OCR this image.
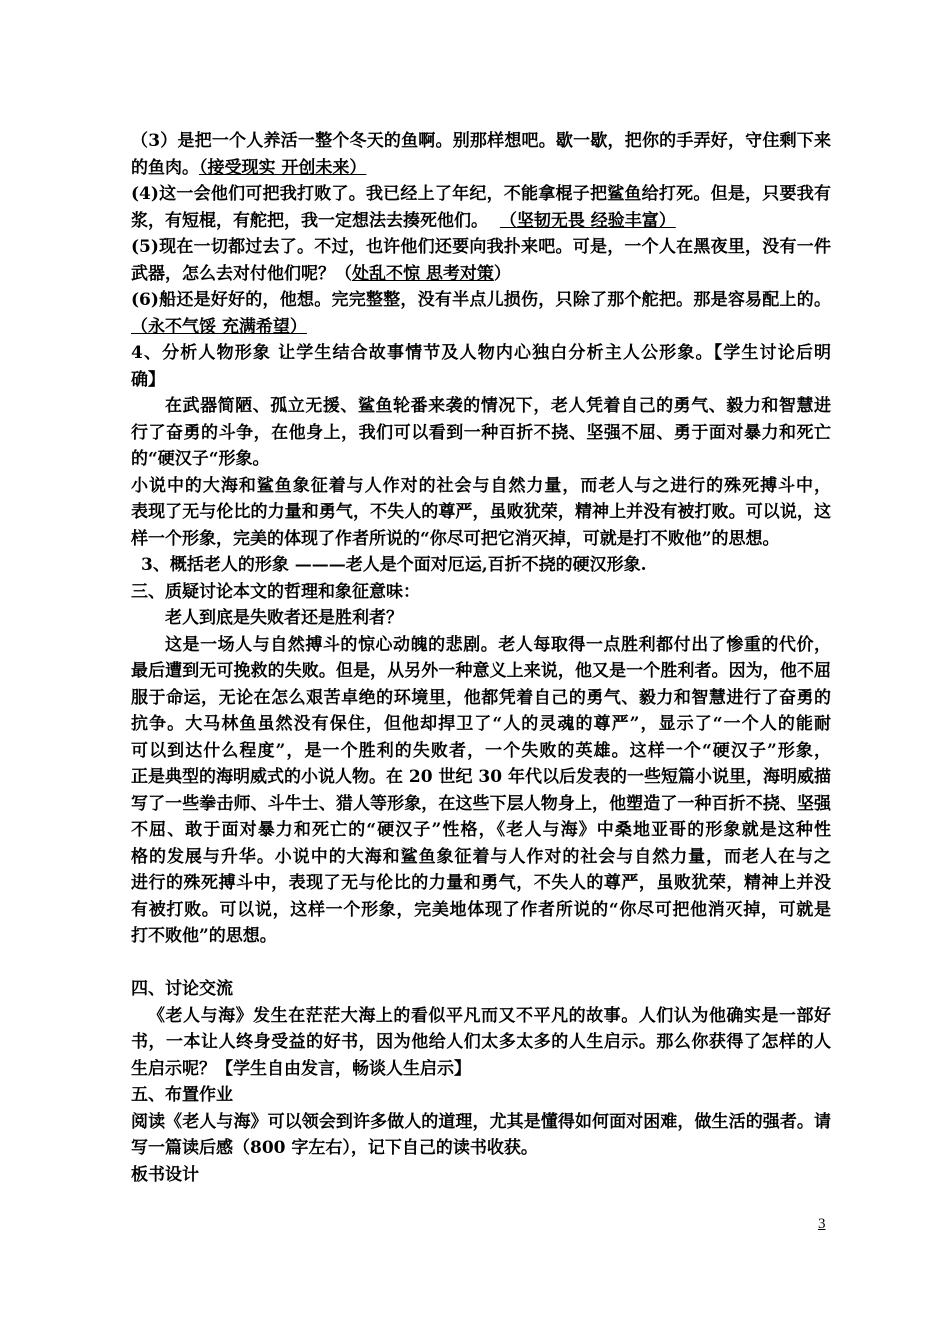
（3）是把一个人养活一整个冬天的鱼啊。别那样想吧。歇一歇，把你的手弄好，守住剩下来
的鱼肉。（接受现实 开创未来）
(4)这一会他们可把我打败了。我已经上了年纪，不能拿棍子把鲨鱼给打死。但是，只要我有
浆，有短棍，有舵把，我一定想法去揍死他们。  （坚韧无畏 经验丰富）
(5)现在一切都过去了。不过，也许他们还要向我扑来吧。可是，一个人在黑夜里，没有一件
武器，怎么去对付他们呢？（处乱不惊 思考对策）
(6)船还是好好的，他想。完完整整，没有半点儿损伤，只除了那个舵把。那是容易配上的。
（永不气馁 充满希望）
4、分析人物形象 让学生结合故事情节及人物内心独白分析主人公形象。【学生讨论后明
确】
在武器简陋、孤立无援、鲨鱼轮番来袭的情况下，老人凭着自己的勇气、毅力和智慧进
行了奋勇的斗争，在他身上，我们可以看到一种百折不挠、坚强不屈、勇于面对暴力和死亡
的“硬汉子“形象。
小说中的大海和鲨鱼象征着与人作对的社会与自然力量，而老人与之进行的殊死搏斗中，
表现了无与伦比的力量和勇气，不失人的尊严，虽败犹荣，精神上并没有被打败。可以说，这
样一个形象，完美的体现了作者所说的“你尽可把它消灭掉，可就是打不败他”的思想。
3、概括老人的形象 ———老人是个面对厄运,百折不挠的硬汉形象.
三、质疑讨论本文的哲理和象征意味：
老人到底是失败者还是胜利者？
这是一场人与自然搏斗的惊心动魄的悲剧。老人每取得一点胜利都付出了惨重的代价，
最后遭到无可挽救的失败。但是，从另外一种意义上来说，他又是一个胜利者。因为，他不屈
服于命运，无论在怎么艰苦卓绝的环境里，他都凭着自己的勇气、毅力和智慧进行了奋勇的
抗争。大马林鱼虽然没有保住，但他却捍卫了“人的灵魂的尊严”，显示了“一个人的能耐
可以到达什么程度”，是一个胜利的失败者，一个失败的英雄。这样一个“硬汉子”形象，
正是典型的海明威式的小说人物。在 20 世纪 30 年代以后发表的一些短篇小说里，海明威描
写了一些拳击师、斗牛士、猎人等形象，在这些下层人物身上，他塑造了一种百折不挠、坚强
不屈、敢于面对暴力和死亡的“硬汉子”性格，《老人与海》中桑地亚哥的形象就是这种性
格的发展与升华。小说中的大海和鲨鱼象征着与人作对的社会与自然力量，而老人在与之
进行的殊死搏斗中，表现了无与伦比的力量和勇气，不失人的尊严，虽败犹荣，精神上并没
有被打败。可以说，这样一个形象，完美地体现了作者所说的“你尽可把他消灭掉，可就是
打不败他”的思想。
四、讨论交流
《老人与海》发生在茫茫大海上的看似平凡而又不平凡的故事。人们认为他确实是一部好
书，一本让人终身受益的好书，因为他给人们太多太多的人生启示。那么你获得了怎样的人
生启示呢？【学生自由发言，畅谈人生启示】
五、布置作业
阅读《老人与海》可以领会到许多做人的道理，尤其是懂得如何面对困难，做生活的强者。请
写一篇读后感（800 字左右），记下自己的读书收获。
板书设计
3
